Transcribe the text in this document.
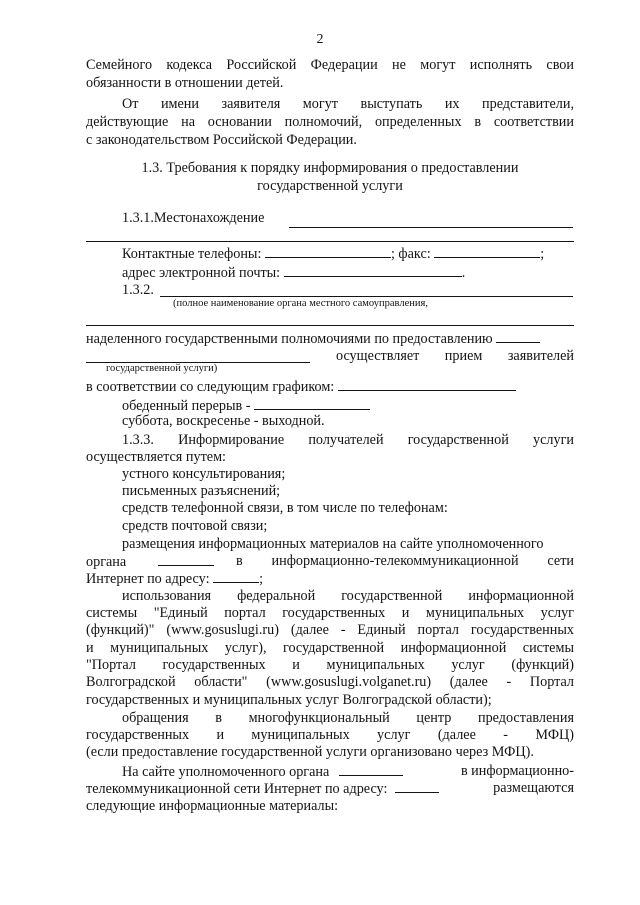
2
Семейного кодекса Российской Федерации не могут исполнять свои
обязанности в отношении детей.
От имени заявителя могут выступать их представители,
действующие на основании полномочий, определенных в соответствии
с законодательством Российской Федерации.
1.3. Требования к порядку информирования о предоставлении
государственной услуги
1.3.1.Местонахождение
Контактные телефоны:	; факс:	;
адрес электронной почты:	.
1.3.2.
(полное наименование органа местного самоуправления,
наделенного государственными полномочиями по предоставлению
осуществляет прием заявителей
государственной услуги)
в соответствии со следующим графиком:
обеденный перерыв -
суббота, воскресенье - выходной.
1.3.3. Информирование получателей государственной услуги
осуществляется путем:
устного консультирования;
письменных разъяснений;
средств телефонной связи, в том числе по телефонам:
средств почтовой связи;
размещения информационных материалов на сайте уполномоченного
органа	в информационно-телекоммуникационной сети
Интернет по адресу:	;
использования федеральной государственной информационной
системы "Единый портал государственных и муниципальных услуг
(функций)" (www.gosuslugi.ru) (далее - Единый портал государственных
и муниципальных услуг), государственной информационной системы
"Портал государственных и муниципальных услуг (функций)
Волгоградской области" (www.gosuslugi.volganet.ru) (далее - Портал
государственных и муниципальных услуг Волгоградской области);
обращения в многофункциональный центр предоставления
государственных и муниципальных услуг (далее - МФЦ)
(если предоставление государственной услуги организовано через МФЦ).
На сайте уполномоченного органа	в информационно-
телекоммуникационной сети Интернет по адресу:	размещаются
следующие информационные материалы:
